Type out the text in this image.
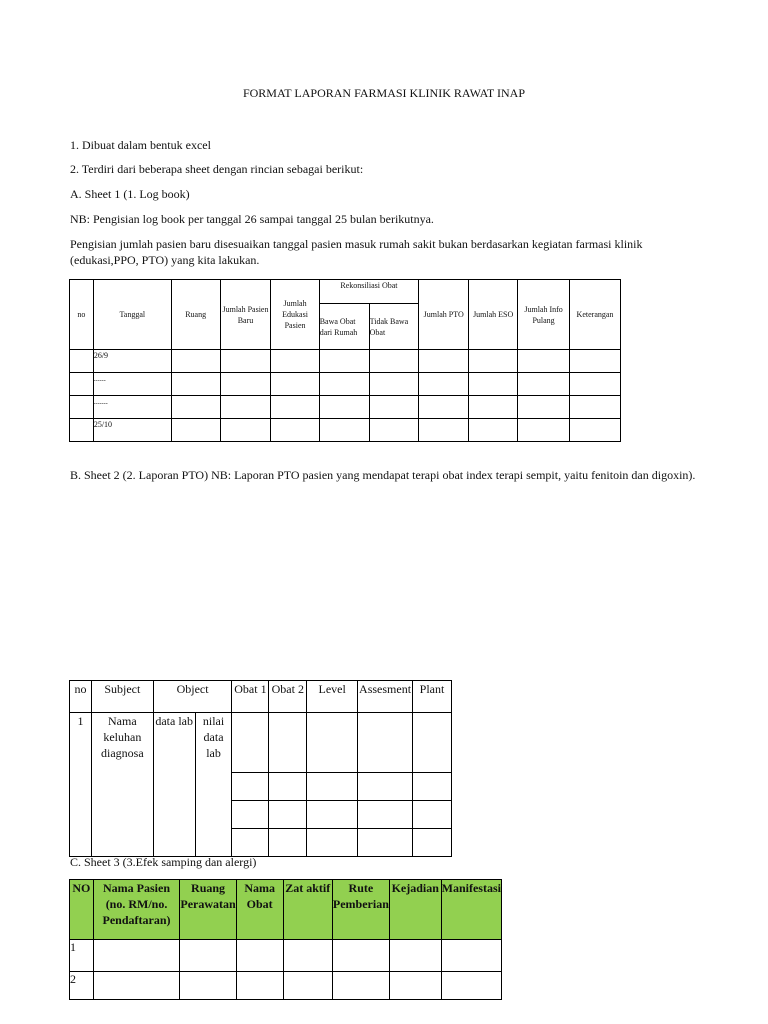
FORMAT LAPORAN FARMASI KLINIK RAWAT INAP
1. Dibuat dalam bentuk excel
2. Terdiri dari beberapa sheet dengan rincian sebagai berikut:
A. Sheet 1 (1. Log book)
NB: Pengisian log book per tanggal 26 sampai tanggal 25 bulan berikutnya.
Pengisian jumlah pasien baru disesuaikan tanggal pasien masuk rumah sakit bukan berdasarkan kegiatan farmasi klinik (edukasi,PPO, PTO) yang kita lakukan.
no	Tanggal	Ruang	Jumlah Pasien Baru	Jumlah Edukasi Pasien	Rekonsiliasi Obat		Jumlah PTO	Jumlah ESO	Jumlah Info Pulang	Keterangan
					Bawa Obat dari Rumah	Tidak Bawa Obat				
	26/9									
	......									
	.......									
	25/10									
B. Sheet 2 (2. Laporan PTO) NB: Laporan PTO pasien yang mendapat terapi obat index terapi sempit, yaitu fenitoin dan digoxin).
no	Subject	Object		Obat 1	Obat 2	Level	Assesment	Plant
1	Nama keluhan diagnosa	data lab	nilai data lab					

C. Sheet 3 (3.Efek samping dan alergi)
NO	Nama Pasien (no. RM/no. Pendaftaran)	Ruang Perawatan	Nama Obat	Zat aktif	Rute Pemberian	Kejadian	Manifestasi
1							
2							
